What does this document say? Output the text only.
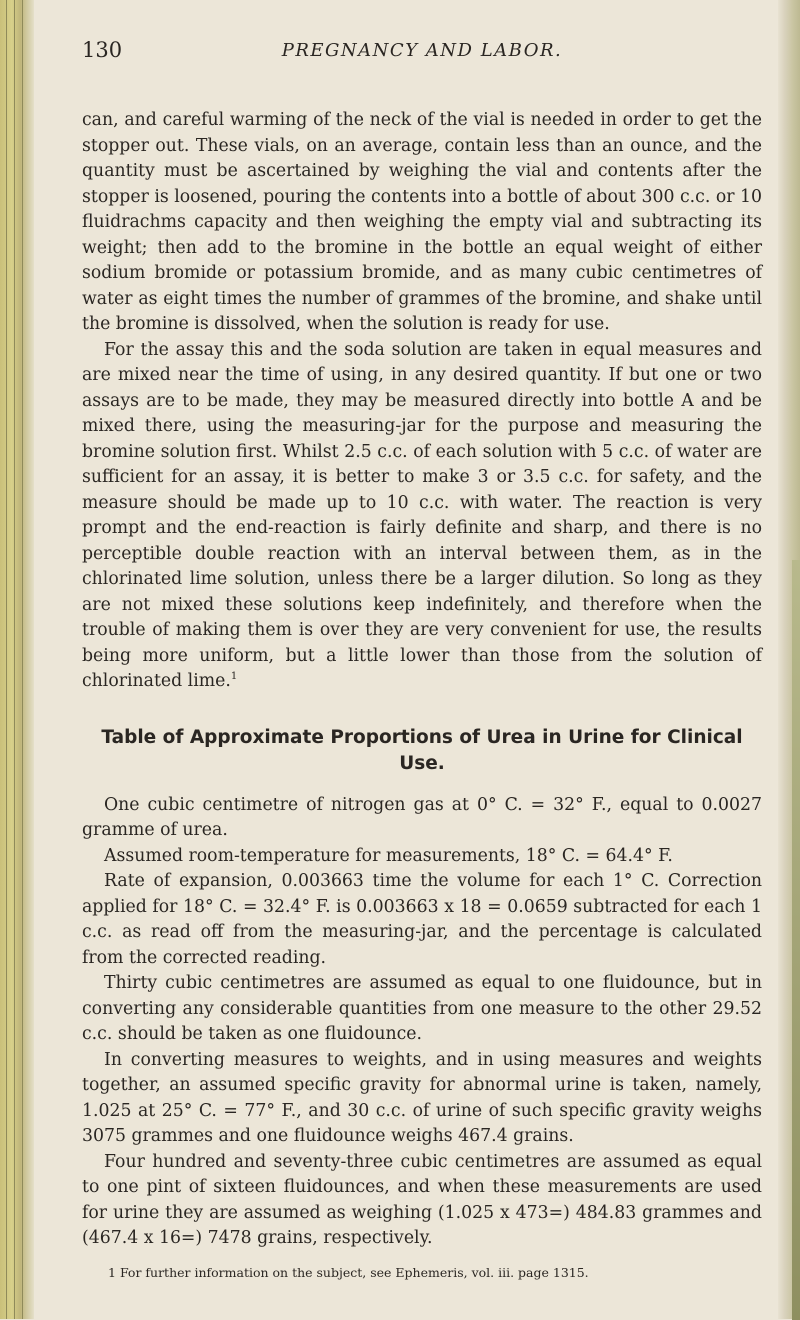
130	PREGNANCY AND LABOR.

can, and careful warming of the neck of the vial is needed in order to get the stopper out. These vials, on an average, contain less than an ounce, and the quantity must be ascertained by weighing the vial and contents after the stopper is loosened, pouring the contents into a bottle of about 300 c.c. or 10 fluidrachms capacity and then weighing the empty vial and subtracting its weight; then add to the bromine in the bottle an equal weight of either sodium bromide or potassium bromide, and as many cubic centimetres of water as eight times the number of grammes of the bromine, and shake until the bromine is dissolved, when the solution is ready for use.

For the assay this and the soda solution are taken in equal measures and are mixed near the time of using, in any desired quantity. If but one or two assays are to be made, they may be measured directly into bottle A and be mixed there, using the measuring-jar for the purpose and measuring the bromine solution first. Whilst 2.5 c.c. of each solution with 5 c.c. of water are sufficient for an assay, it is better to make 3 or 3.5 c.c. for safety, and the measure should be made up to 10 c.c. with water. The reaction is very prompt and the end-reaction is fairly definite and sharp, and there is no perceptible double reaction with an interval between them, as in the chlorinated lime solution, unless there be a larger dilution. So long as they are not mixed these solutions keep indefinitely, and therefore when the trouble of making them is over they are very convenient for use, the results being more uniform, but a little lower than those from the solution of chlorinated lime.$^1$

Table of Approximate Proportions of Urea in Urine for Clinical Use.

One cubic centimetre of nitrogen gas at 0° C. = 32° F., equal to 0.0027 gramme of urea.

Assumed room-temperature for measurements, 18° C. = 64.4° F.

Rate of expansion, 0.003663 time the volume for each 1° C. Correction applied for 18° C. = 32.4° F. is 0.003663 x 18 = 0.0659 subtracted for each 1 c.c. as read off from the measuring-jar, and the percentage is calculated from the corrected reading.

Thirty cubic centimetres are assumed as equal to one fluidounce, but in converting any considerable quantities from one measure to the other 29.52 c.c. should be taken as one fluidounce.

In converting measures to weights, and in using measures and weights together, an assumed specific gravity for abnormal urine is taken, namely, 1.025 at 25° C. = 77° F., and 30 c.c. of urine of such specific gravity weighs 3075 grammes and one fluidounce weighs 467.4 grains.

Four hundred and seventy-three cubic centimetres are assumed as equal to one pint of sixteen fluidounces, and when these measurements are used for urine they are assumed as weighing (1.025 x 473=) 484.83 grammes and (467.4 x 16=) 7478 grains, respectively.

1 For further information on the subject, see Ephemeris, vol. iii. page 1315.
